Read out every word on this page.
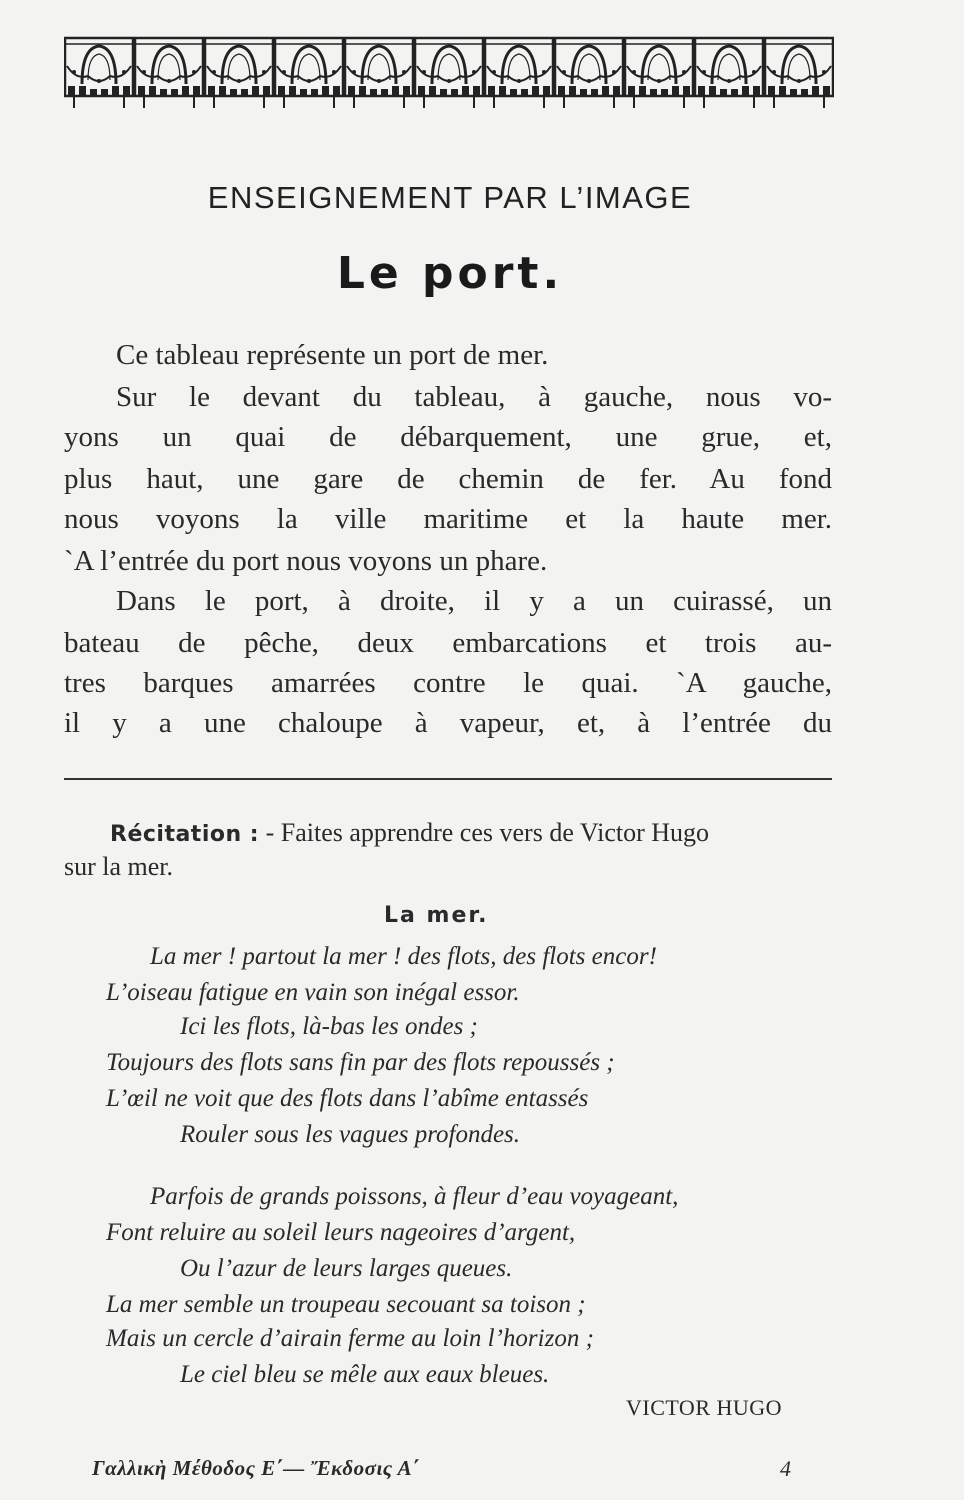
ENSEIGNEMENT PAR L’IMAGE
Le port.
Ce tableau représente un port de mer.
Sur le devant du tableau, à gauche, nous vo-
yons un quai de débarquement, une grue, et,
plus haut, une gare de chemin de fer. Au fond
nous voyons la ville maritime et la haute mer.
`A l’entrée du port nous voyons un phare.
Dans le port, à droite, il y a un cuirassé, un
bateau de pêche, deux embarcations et trois au-
tres barques amarrées contre le quai. `A gauche,
il y a une chaloupe à vapeur, et, à l’entrée du
Récitation : - Faites apprendre ces vers de Victor Hugo
sur la mer.
La mer.
La mer ! partout la mer ! des flots, des flots encor!
L’oiseau fatigue en vain son inégal essor.
Ici les flots, là-bas les ondes ;
Toujours des flots sans fin par des flots repoussés ;
L’œil ne voit que des flots dans l’abîme entassés
Rouler sous les vagues profondes.
Parfois de grands poissons, à fleur d’eau voyageant,
Font reluire au soleil leurs nageoires d’argent,
Ou l’azur de leurs larges queues.
La mer semble un troupeau secouant sa toison ;
Mais un cercle d’airain ferme au loin l’horizon ;
Le ciel bleu se mêle aux eaux bleues.
VICTOR HUGO
Γαλλικὴ Μέθοδος Ε΄— Ἔκδοσις Α΄	4
